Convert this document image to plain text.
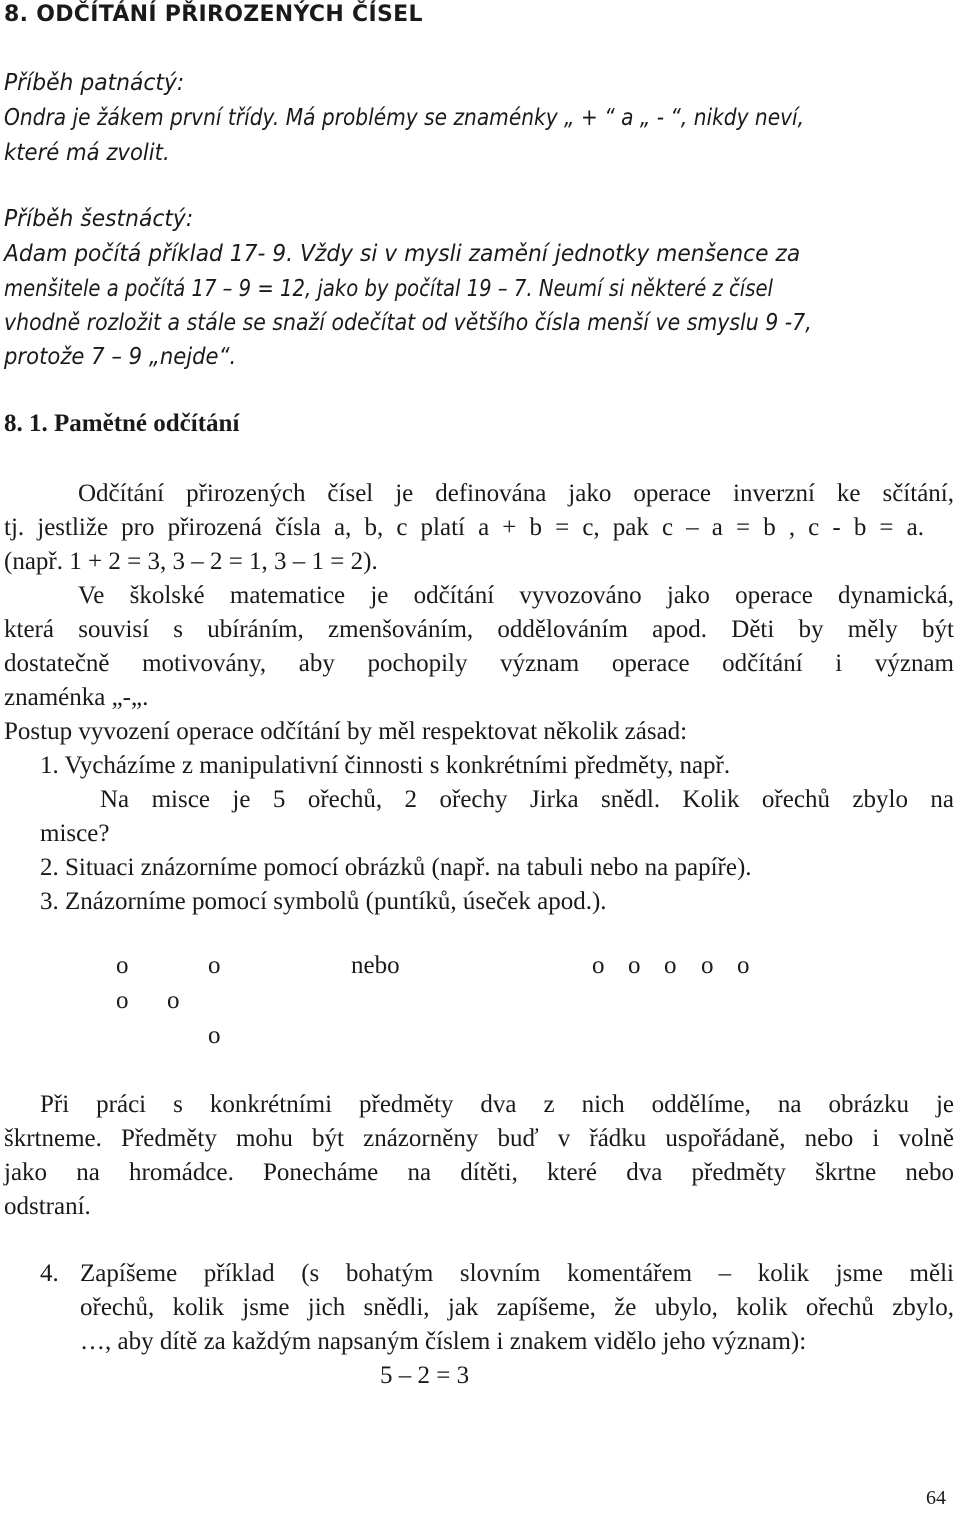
8. ODČÍTÁNÍ PŘIROZENÝCH ČÍSEL
Příběh patnáctý:
Ondra je žákem první třídy. Má problémy se znaménky „ + “ a „ - “, nikdy neví,
které má zvolit.
Příběh šestnáctý:
Adam počítá příklad 17- 9. Vždy si v mysli zamění jednotky menšence za
menšitele a počítá 17 – 9 = 12, jako by počítal 19 – 7. Neumí si některé z čísel
vhodně rozložit a stále se snaží odečítat od většího čísla menší ve smyslu 9 -7,
protože 7 – 9 „nejde“.
8. 1. Pamětné odčítání
Odčítání přirozených čísel je definována jako operace inverzní ke sčítání,
tj. jestliže pro přirozená čísla a, b, c platí a + b = c, pak c – a = b , c - b = a.
(např. 1 + 2 = 3, 3 – 2 = 1, 3 – 1 = 2).
Ve školské matematice je odčítání vyvozováno jako operace dynamická,
která souvisí s ubíráním, zmenšováním, oddělováním apod. Děti by měly být
dostatečně motivovány, aby pochopily význam operace odčítání i význam
znaménka „-„.
Postup vyvození operace odčítání by měl respektovat několik zásad:
1. Vycházíme z manipulativní činnosti s konkrétními předměty, např.
Na misce je 5 ořechů, 2 ořechy Jirka snědl. Kolik ořechů zbylo na
misce?
2. Situaci znázorníme pomocí obrázků (např. na tabuli nebo na papíře).
3. Znázorníme pomocí symbolů (puntíků, úseček apod.).
o	o	nebo	o o o o o
o o
o
Při práci s konkrétními předměty dva z nich oddělíme, na obrázku je
škrtneme. Předměty mohu být znázorněny buď v řádku uspořádaně, nebo i volně
jako na hromádce. Ponecháme na dítěti, které dva předměty škrtne nebo
odstraní.
4. Zapíšeme příklad (s bohatým slovním komentářem – kolik jsme měli
ořechů, kolik jsme jich snědli, jak zapíšeme, že ubylo, kolik ořechů zbylo,
…, aby dítě za každým napsaným číslem i znakem vidělo jeho význam):
5 – 2 = 3
64
